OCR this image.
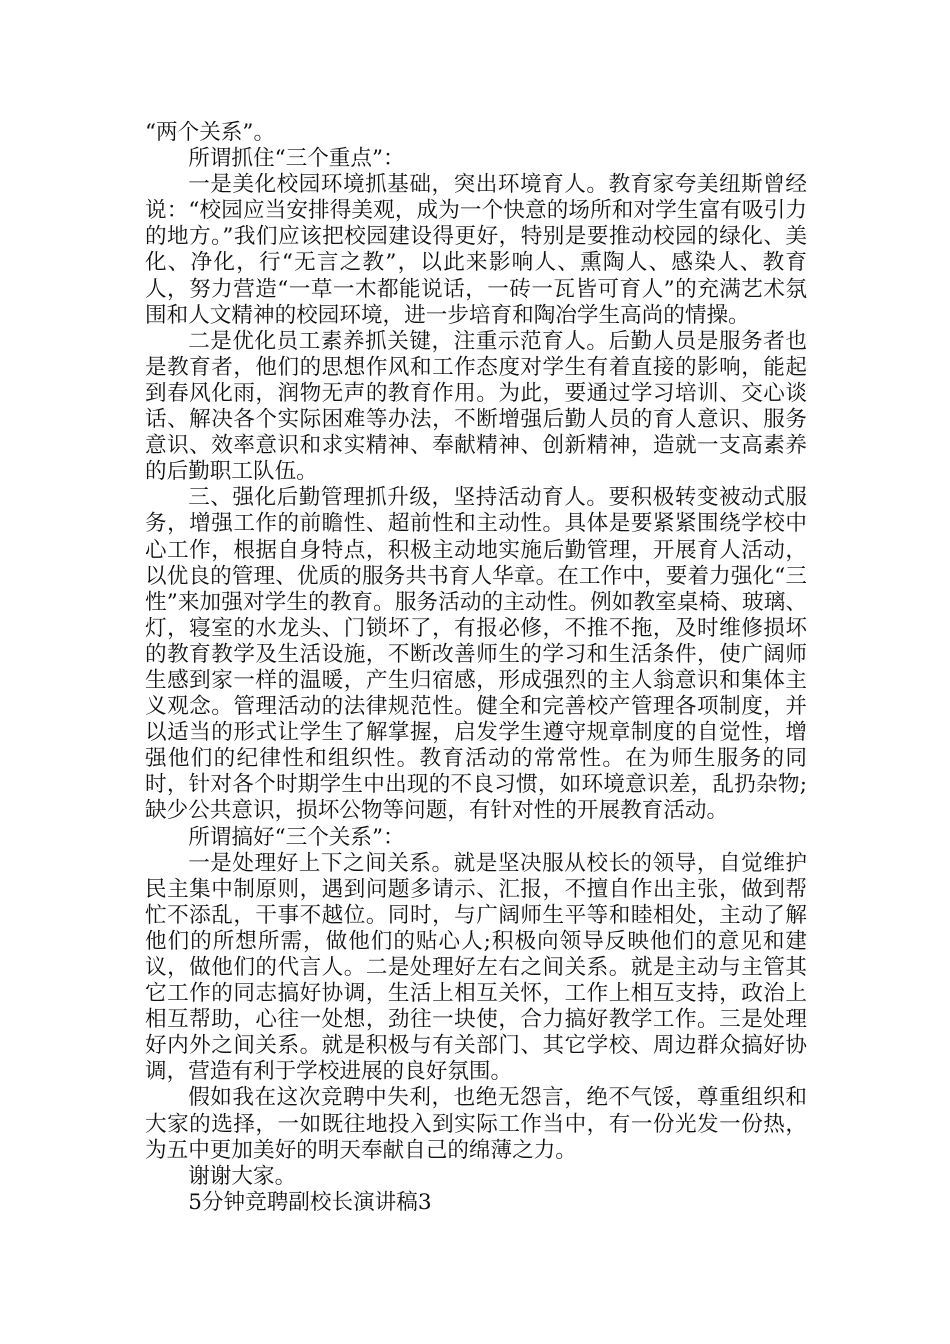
“两个关系”。

所谓抓住“三个重点”：

一是美化校园环境抓基础，突出环境育人。教育家夸美纽斯曾经说：“校园应当安排得美观，成为一个快意的场所和对学生富有吸引力的地方。”我们应该把校园建设得更好，特别是要推动校园的绿化、美化、净化，行“无言之教”，以此来影响人、熏陶人、感染人、教育人，努力营造“一草一木都能说话，一砖一瓦皆可育人”的充满艺术氛围和人文精神的校园环境，进一步培育和陶冶学生高尚的情操。

二是优化员工素养抓关键，注重示范育人。后勤人员是服务者也是教育者，他们的思想作风和工作态度对学生有着直接的影响，能起到春风化雨，润物无声的教育作用。为此，要通过学习培训、交心谈话、解决各个实际困难等办法，不断增强后勤人员的育人意识、服务意识、效率意识和求实精神、奉献精神、创新精神，造就一支高素养的后勤职工队伍。

三、强化后勤管理抓升级，坚持活动育人。要积极转变被动式服务，增强工作的前瞻性、超前性和主动性。具体是要紧紧围绕学校中心工作，根据自身特点，积极主动地实施后勤管理，开展育人活动，以优良的管理、优质的服务共书育人华章。在工作中，要着力强化“三性”来加强对学生的教育。服务活动的主动性。例如教室桌椅、玻璃、灯，寝室的水龙头、门锁坏了，有报必修，不推不拖，及时维修损坏的教育教学及生活设施，不断改善师生的学习和生活条件，使广阔师生感到家一样的温暖，产生归宿感，形成强烈的主人翁意识和集体主义观念。管理活动的法律规范性。健全和完善校产管理各项制度，并以适当的形式让学生了解掌握，启发学生遵守规章制度的自觉性，增强他们的纪律性和组织性。教育活动的常常性。在为师生服务的同时，针对各个时期学生中出现的不良习惯，如环境意识差，乱扔杂物;缺少公共意识，损坏公物等问题，有针对性的开展教育活动。

所谓搞好“三个关系”：

一是处理好上下之间关系。就是坚决服从校长的领导，自觉维护民主集中制原则，遇到问题多请示、汇报，不擅自作出主张，做到帮忙不添乱，干事不越位。同时，与广阔师生平等和睦相处，主动了解他们的所想所需，做他们的贴心人;积极向领导反映他们的意见和建议，做他们的代言人。二是处理好左右之间关系。就是主动与主管其它工作的同志搞好协调，生活上相互关怀，工作上相互支持，政治上相互帮助，心往一处想，劲往一块使，合力搞好教学工作。三是处理好内外之间关系。就是积极与有关部门、其它学校、周边群众搞好协调，营造有利于学校进展的良好氛围。

假如我在这次竞聘中失利，也绝无怨言，绝不气馁，尊重组织和大家的选择，一如既往地投入到实际工作当中，有一份光发一份热，为五中更加美好的明天奉献自己的绵薄之力。

谢谢大家。

5分钟竞聘副校长演讲稿3
